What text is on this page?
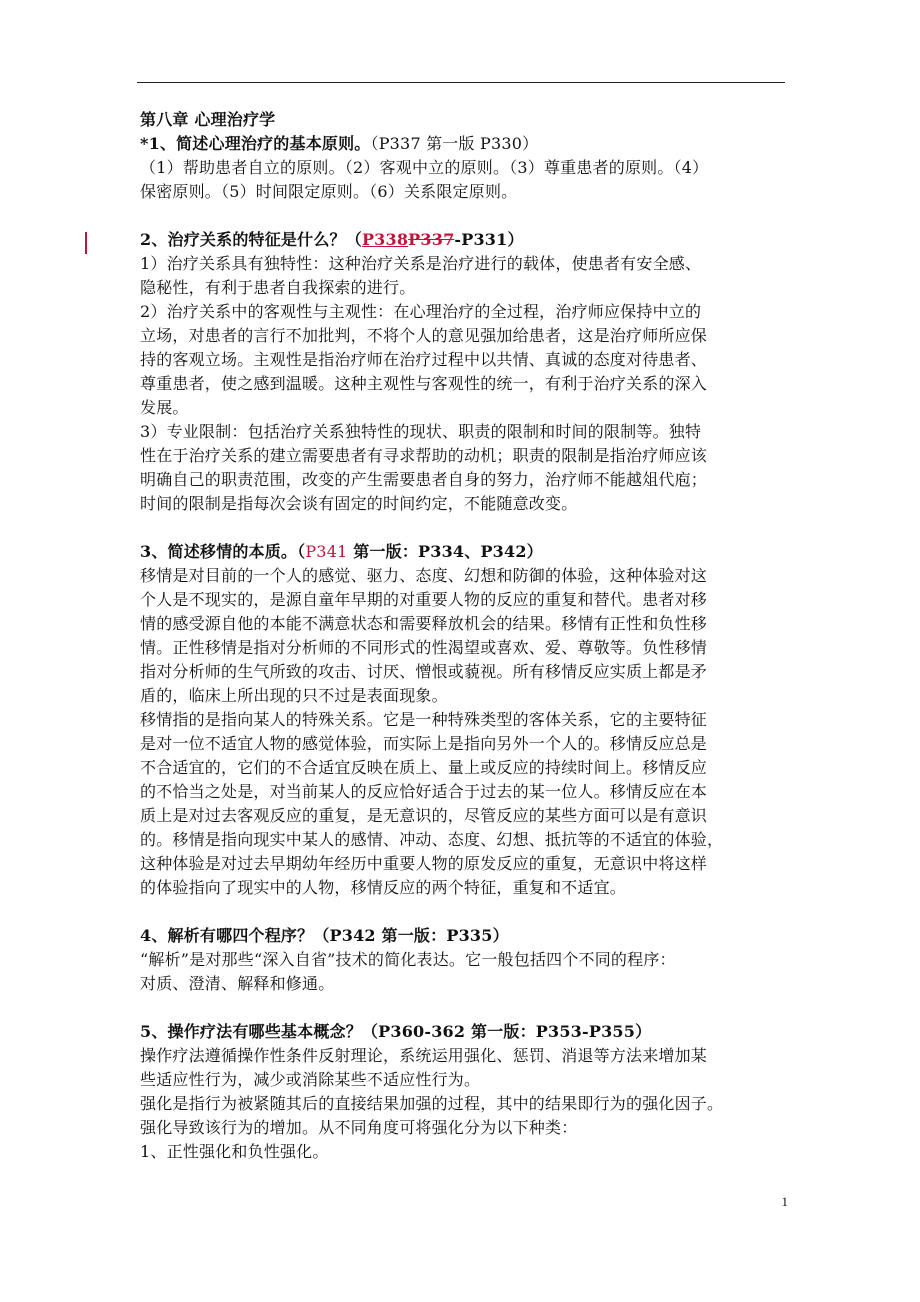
第八章 心理治疗学
*1、简述心理治疗的基本原则。（P337 第一版 P330）
（1）帮助患者自立的原则。（2）客观中立的原则。（3）尊重患者的原则。（4）
保密原则。（5）时间限定原则。（6）关系限定原则。
2、治疗关系的特征是什么？（P338P337-P331）
1）治疗关系具有独特性：这种治疗关系是治疗进行的载体，使患者有安全感、
隐秘性，有利于患者自我探索的进行。
2）治疗关系中的客观性与主观性：在心理治疗的全过程，治疗师应保持中立的
立场，对患者的言行不加批判，不将个人的意见强加给患者，这是治疗师所应保
持的客观立场。主观性是指治疗师在治疗过程中以共情、真诚的态度对待患者、
尊重患者，使之感到温暖。这种主观性与客观性的统一，有利于治疗关系的深入
发展。
3）专业限制：包括治疗关系独特性的现状、职责的限制和时间的限制等。独特
性在于治疗关系的建立需要患者有寻求帮助的动机；职责的限制是指治疗师应该
明确自己的职责范围，改变的产生需要患者自身的努力，治疗师不能越俎代庖；
时间的限制是指每次会谈有固定的时间约定，不能随意改变。
3、简述移情的本质。（P341 第一版：P334、P342）
移情是对目前的一个人的感觉、驱力、态度、幻想和防御的体验，这种体验对这
个人是不现实的，是源自童年早期的对重要人物的反应的重复和替代。患者对移
情的感受源自他的本能不满意状态和需要释放机会的结果。移情有正性和负性移
情。正性移情是指对分析师的不同形式的性渴望或喜欢、爱、尊敬等。负性移情
指对分析师的生气所致的攻击、讨厌、憎恨或藐视。所有移情反应实质上都是矛
盾的，临床上所出现的只不过是表面现象。
移情指的是指向某人的特殊关系。它是一种特殊类型的客体关系，它的主要特征
是对一位不适宜人物的感觉体验，而实际上是指向另外一个人的。移情反应总是
不合适宜的，它们的不合适宜反映在质上、量上或反应的持续时间上。移情反应
的不恰当之处是，对当前某人的反应恰好适合于过去的某一位人。移情反应在本
质上是对过去客观反应的重复，是无意识的，尽管反应的某些方面可以是有意识
的。移情是指向现实中某人的感情、冲动、态度、幻想、抵抗等的不适宜的体验，
这种体验是对过去早期幼年经历中重要人物的原发反应的重复，无意识中将这样
的体验指向了现实中的人物，移情反应的两个特征，重复和不适宜。
4、解析有哪四个程序？（P342 第一版：P335）
“解析”是对那些“深入自省”技术的简化表达。它一般包括四个不同的程序：
对质、澄清、解释和修通。
5、操作疗法有哪些基本概念？（P360-362 第一版：P353-P355）
操作疗法遵循操作性条件反射理论，系统运用强化、惩罚、消退等方法来增加某
些适应性行为，减少或消除某些不适应性行为。
强化是指行为被紧随其后的直接结果加强的过程，其中的结果即行为的强化因子。
强化导致该行为的增加。从不同角度可将强化分为以下种类：
1、正性强化和负性强化。
1
